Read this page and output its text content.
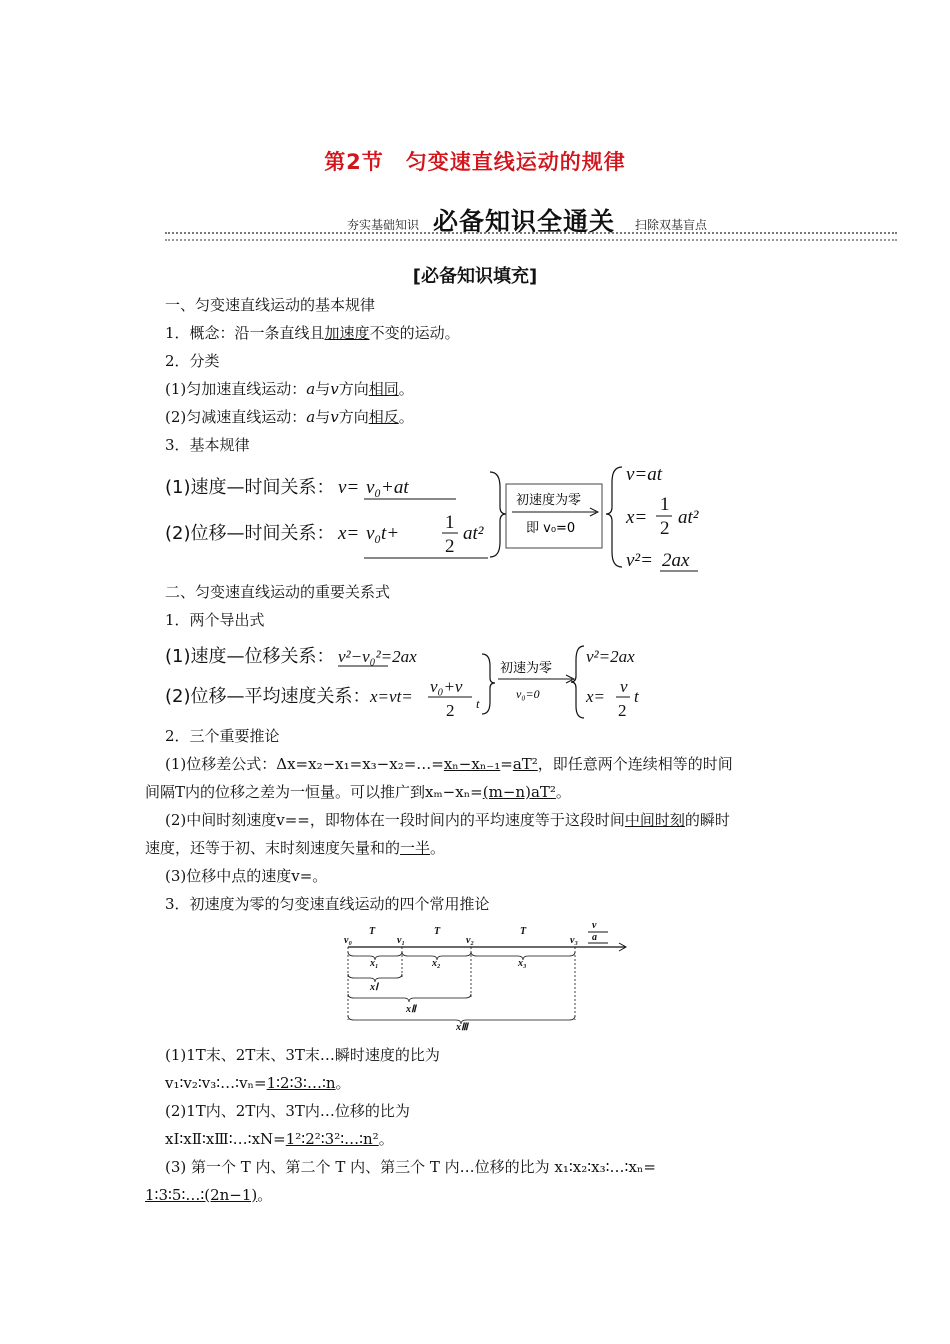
第2节　匀变速直线运动的规律
夯实基础知识 必备知识全通关 扫除双基盲点
[必备知识填充]
一、匀变速直线运动的基本规律
1．概念：沿一条直线且加速度不变的运动。
2．分类
(1)匀加速直线运动：a与v方向相同。
(2)匀减速直线运动：a与v方向相反。
3．基本规律
(1)速度—时间关系：
(2)位移—时间关系：
v= v₀+at
x= v₀t+
1
2
at²
初速度为零
即 v₀=0
v=at
x=
1
2
at²
v²= 2ax
二、匀变速直线运动的重要关系式
1．两个导出式
(1)速度—位移关系：
(2)位移—平均速度关系：
v²−v₀²=2ax
x=vt=
v₀+v
2 t
初速为零
v₀=0
v²=2ax
x=
v
2
t
2．三个重要推论
(1)位移差公式：Δx=x₂−x₁=x₃−x₂=…=xₙ−xₙ₋₁=aT²，即任意两个连续相等的时间
间隔T内的位移之差为一恒量。可以推广到xₘ−xₙ=(m−n)aT²。
(2)中间时刻速度v==，即物体在一段时间内的平均速度等于这段时间中间时刻的瞬时
速度，还等于初、末时刻速度矢量和的一半。
(3)位移中点的速度v=。
3．初速度为零的匀变速直线运动的四个常用推论
v₀	v₁	v₂	v₃
T	T	T
v
a
x₁	x₂	x₃
xⅠ
xⅡ
xⅢ
(1)1T末、2T末、3T末…瞬时速度的比为
v₁∶v₂∶v₃∶…∶vₙ=1∶2∶3∶…∶n。
(2)1T内、2T内、3T内…位移的比为
xⅠ∶xⅡ∶xⅢ∶…∶xN=1²∶2²∶3²∶…∶n²。
(3) 第一个 T 内、第二个 T 内、第三个 T 内…位移的比为 x₁∶x₂∶x₃∶…∶xₙ=
1∶3∶5∶…∶(2n−1)。
